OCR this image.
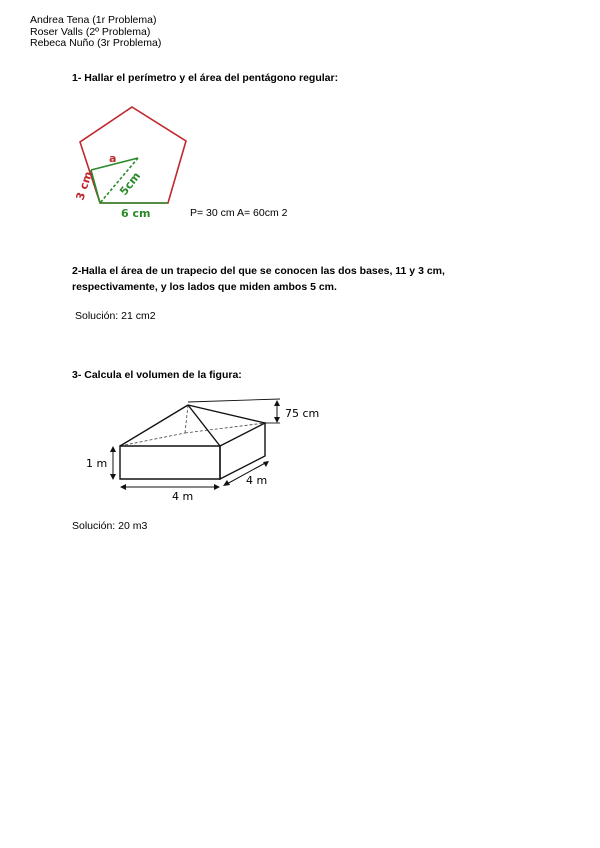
Andrea Tena (1r Problema)
Roser Valls (2º Problema)
Rebeca Nuño (3r Problema)
1- Hallar el perímetro y el área del pentágono regular:
a
3 cm 5cm
6 cm	P= 30 cm A= 60cm 2
2-Halla el área de un trapecio del que se conocen las dos bases, 11 y 3 cm,
respectivamente, y los lados que miden ambos 5 cm.
Solución: 21 cm2
3- Calcula el volumen de la figura:
75 cm
1 m
4 m
4 m
Solución: 20 m3
